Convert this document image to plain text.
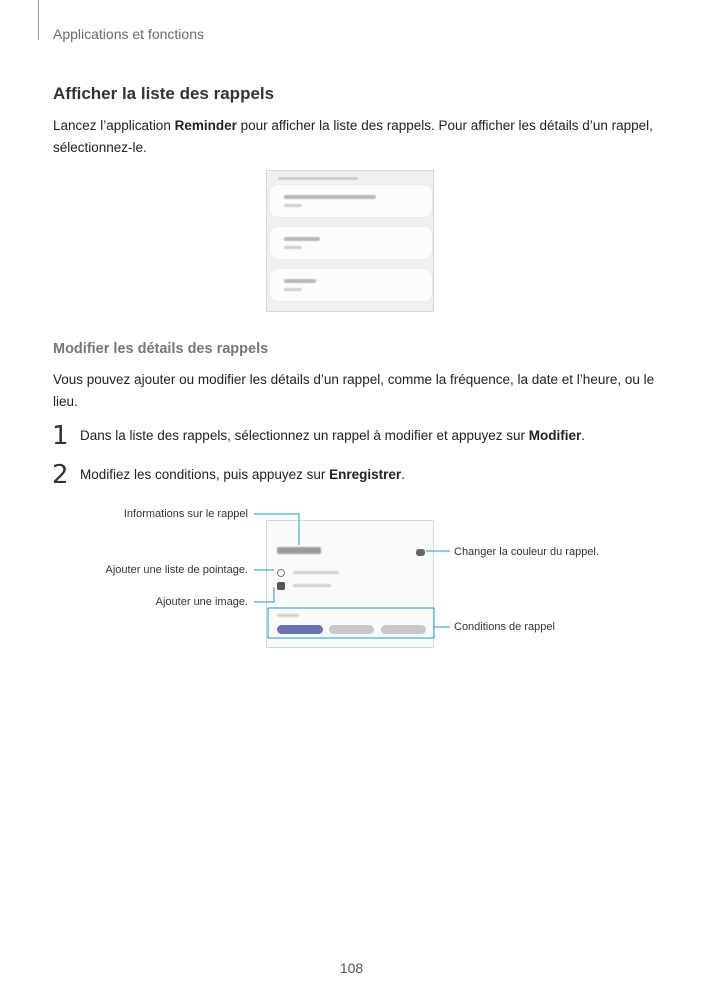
Applications et fonctions
Afficher la liste des rappels
Lancez l’application Reminder pour afficher la liste des rappels. Pour afficher les détails d’un rappel, sélectionnez-le.
Modifier les détails des rappels
Vous pouvez ajouter ou modifier les détails d’un rappel, comme la fréquence, la date et l’heure, ou le lieu.
1 Dans la liste des rappels, sélectionnez un rappel à modifier et appuyez sur Modifier.
2 Modifiez les conditions, puis appuyez sur Enregistrer.
Informations sur le rappel
Ajouter une liste de pointage.
Ajouter une image.
Changer la couleur du rappel.
Conditions de rappel
108
